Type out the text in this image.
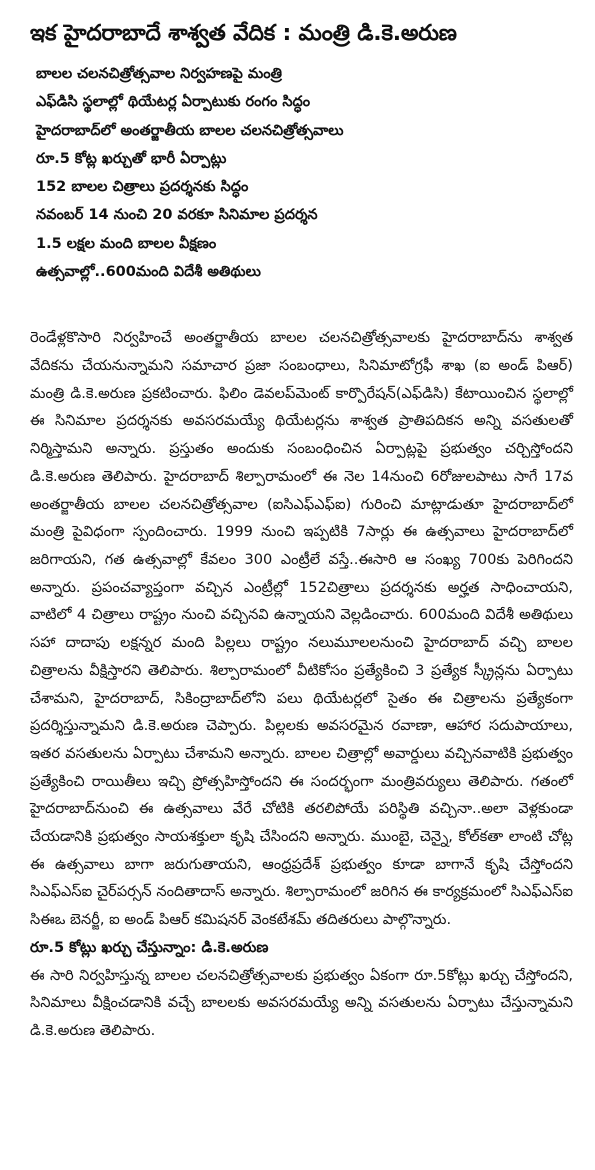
ఇక హైదరాబాదే శాశ్వత వేదిక : మంత్రి డి.కె.అరుణ
బాలల చలనచిత్రోత్సవాల నిర్వహణపై మంత్రి
ఎఫ్‌డిసి స్థలాల్లో థియేటర్ల ఏర్పాటుకు రంగం సిద్ధం
హైదరాబాద్‌లో అంతర్జాతీయ బాలల చలనచిత్రోత్సవాలు
రూ.5 కోట్ల ఖర్చుతో భారీ ఏర్పాట్లు
152 బాలల చిత్రాలు ప్రదర్శనకు సిద్ధం
నవంబర్ 14 నుంచి 20 వరకూ సినిమాల ప్రదర్శన
1.5 లక్షల మంది బాలల వీక్షణం
ఉత్సవాల్లో..600మంది విదేశీ అతిథులు

రెండేళ్లకొసారి నిర్వహించే అంతర్జాతీయ బాలల చలనచిత్రోత్సవాలకు హైదరాబాద్‌ను శాశ్వత వేదికను చేయనున్నామని సమాచార ప్రజా సంబంధాలు, సినిమాటోగ్రఫీ శాఖ (ఐ అండ్ పిఆర్) మంత్రి డి.కె.అరుణ ప్రకటించారు. ఫిలిం డెవలప్‌మెంట్ కార్పొరేషన్(ఎఫ్‌డిసి) కేటాయించిన స్థలాల్లో ఈ సినిమాల ప్రదర్శనకు అవసరమయ్యే థియేటర్లను శాశ్వత ప్రాతిపదికన అన్ని వసతులతో నిర్మిస్తామని అన్నారు. ప్రస్తుతం అందుకు సంబంధించిన ఏర్పాట్లపై ప్రభుత్వం చర్చిస్తోందని డి.కె.అరుణ తెలిపారు. హైదరాబాద్ శిల్పారామంలో ఈ నెల 14నుంచి 6రోజులపాటు సాగే 17వ అంతర్జాతీయ బాలల చలనచిత్రోత్సవాల (ఐసిఎఫ్‌ఎఫ్‌ఐ) గురించి మాట్లాడుతూ హైదరాబాద్‌లో మంత్రి పైవిధంగా స్పందించారు. 1999 నుంచి ఇప్పటికి 7సార్లు ఈ ఉత్సవాలు హైదరాబాద్‌లో జరిగాయని, గత ఉత్సవాల్లో కేవలం 300 ఎంట్రీలే వస్తే..ఈసారి ఆ సంఖ్య 700కు పెరిగిందని అన్నారు. ప్రపంచవ్యాప్తంగా వచ్చిన ఎంట్రీల్లో 152చిత్రాలు ప్రదర్శనకు అర్హత సాధించాయని, వాటిలో 4 చిత్రాలు రాష్ట్రం నుంచి వచ్చినవి ఉన్నాయని వెల్లడించారు. 600మంది విదేశీ అతిథులు సహా దాదాపు లక్షన్నర మంది పిల్లలు రాష్ట్రం నలుమూలలనుంచి హైదరాబాద్ వచ్చి బాలల చిత్రాలను వీక్షిస్తారని తెలిపారు. శిల్పారామంలో వీటికోసం ప్రత్యేకించి 3 ప్రత్యేక స్క్రీన్లను ఏర్పాటు చేశామని, హైదరాబాద్, సికింద్రాబాద్‌లోని పలు థియేటర్లలో సైతం ఈ చిత్రాలను ప్రత్యేకంగా ప్రదర్శిస్తున్నామని డి.కె.అరుణ చెప్పారు. పిల్లలకు అవసరమైన రవాణా, ఆహార సదుపాయాలు, ఇతర వసతులను ఏర్పాటు చేశామని అన్నారు. బాలల చిత్రాల్లో అవార్డులు వచ్చినవాటికి ప్రభుత్వం ప్రత్యేకించి రాయితీలు ఇచ్చి ప్రోత్సహిస్తోందని ఈ సందర్భంగా మంత్రివర్యులు తెలిపారు. గతంలో హైదరాబాద్‌నుంచి ఈ ఉత్సవాలు వేరే చోటికి తరలిపోయే పరిస్థితి వచ్చినా..అలా వెళ్లకుండా చేయడానికి ప్రభుత్వం సాయశక్తులా కృషి చేసిందని అన్నారు. ముంబై, చెన్నై, కోల్‌కతా లాంటి చోట్ల ఈ ఉత్సవాలు బాగా జరుగుతాయని, ఆంధ్రప్రదేశ్ ప్రభుత్వం కూడా బాగానే కృషి చేస్తోందని సిఎఫ్‌ఎస్ఐ చైర్‌పర్సన్ నందితాదాస్ అన్నారు. శిల్పారామంలో జరిగిన ఈ కార్యక్రమంలో సిఎఫ్‌ఎస్ఐ సిఈఒ బెనర్జీ, ఐ అండ్ పిఆర్ కమిషనర్ వెంకటేశమ్ తదితరులు పాల్గొన్నారు.

రూ.5 కోట్లు ఖర్చు చేస్తున్నాం: డి.కె.అరుణ

ఈ సారి నిర్వహిస్తున్న బాలల చలనచిత్రోత్సవాలకు ప్రభుత్వం ఏకంగా రూ.5కోట్లు ఖర్చు చేస్తోందని, సినిమాలు వీక్షించడానికి వచ్చే బాలలకు అవసరమయ్యే అన్ని వసతులను ఏర్పాటు చేస్తున్నామని డి.కె.అరుణ తెలిపారు.
